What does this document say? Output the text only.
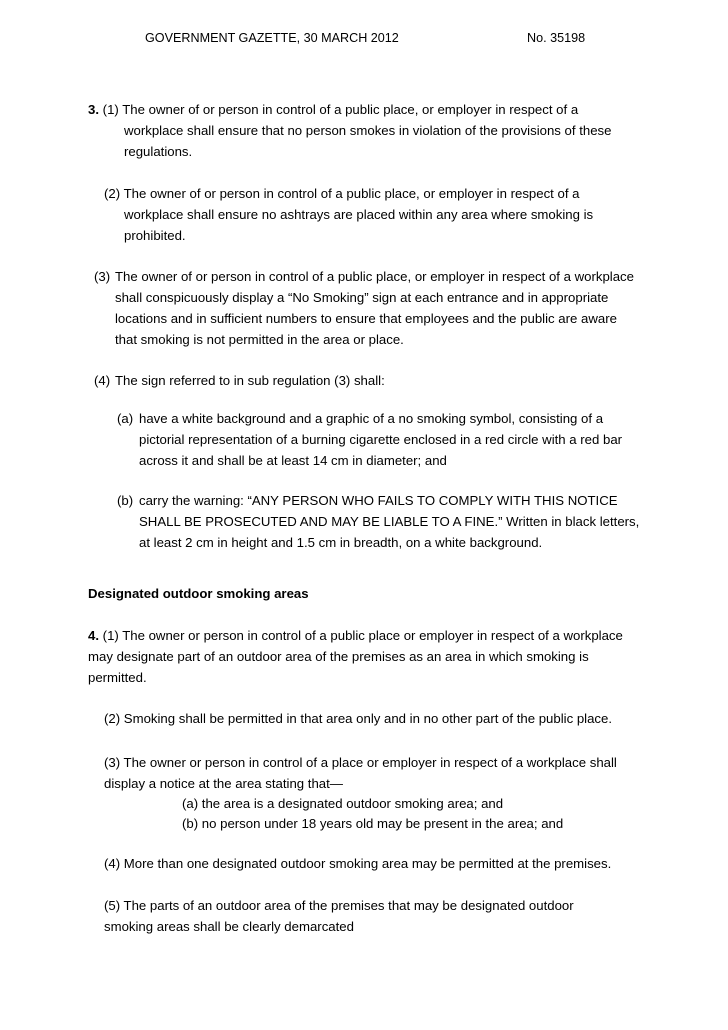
GOVERNMENT GAZETTE, 30 MARCH 2012	No. 35198

3. (1) The owner of or person in control of a public place, or employer in respect of a

workplace shall ensure that no person smokes in violation of the provisions of these regulations.

(2) The owner of or person in control of a public place, or employer in respect of a

workplace shall ensure no ashtrays are placed within any area where smoking is prohibited.

(3) The owner of or person in control of a public place, or employer in respect of a workplace shall conspicuously display a “No Smoking” sign at each entrance and in appropriate locations and in sufficient numbers to ensure that employees and the public are aware that smoking is not permitted in the area or place.
(4) The sign referred to in sub regulation (3) shall:
(a) have a white background and a graphic of a no smoking symbol, consisting of a pictorial representation of a burning cigarette enclosed in a red circle with a red bar across it and shall be at least 14 cm in diameter; and
(b) carry the warning: “ANY PERSON WHO FAILS TO COMPLY WITH THIS NOTICE SHALL BE PROSECUTED AND MAY BE LIABLE TO A FINE.” Written in black letters, at least 2 cm in height and 1.5 cm in breadth, on a white background.
Designated outdoor smoking areas

4. (1) The owner or person in control of a public place or employer in respect of a workplace may designate part of an outdoor area of the premises as an area in which smoking is permitted.

(2) Smoking shall be permitted in that area only and in no other part of the public place.
(3) The owner or person in control of a place or employer in respect of a workplace shall display a notice at the area stating that—
(a) the area is a designated outdoor smoking area; and
(b) no person under 18 years old may be present in the area; and
(4) More than one designated outdoor smoking area may be permitted at the premises.
(5) The parts of an outdoor area of the premises that may be designated outdoor smoking areas shall be clearly demarcated
